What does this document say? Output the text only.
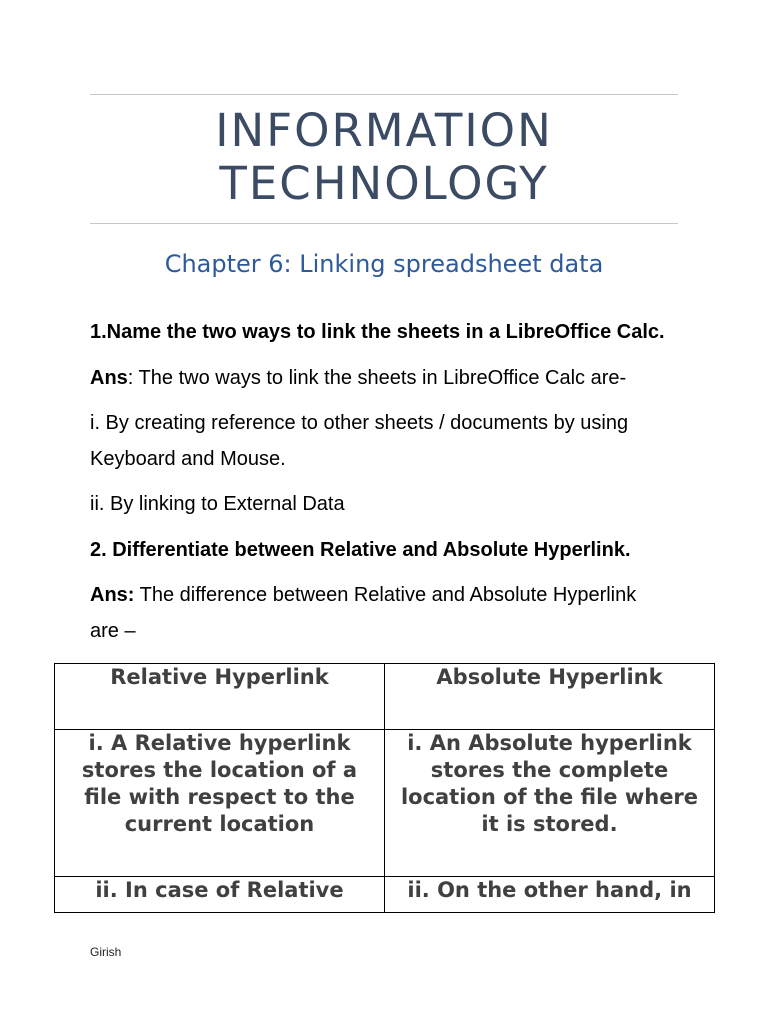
INFORMATION
TECHNOLOGY
Chapter 6: Linking spreadsheet data

1.Name the two ways to link the sheets in a LibreOffice Calc.

Ans: The two ways to link the sheets in LibreOffice Calc are-

i. By creating reference to other sheets / documents by using Keyboard and Mouse.

ii. By linking to External Data

2. Differentiate between Relative and Absolute Hyperlink.

Ans: The difference between Relative and Absolute Hyperlink are –

Relative Hyperlink	Absolute Hyperlink
i. A Relative hyperlink stores the location of a file with respect to the current location	i. An Absolute hyperlink stores the complete location of the file where it is stored.
ii. In case of Relative	ii. On the other hand, in
Girish
